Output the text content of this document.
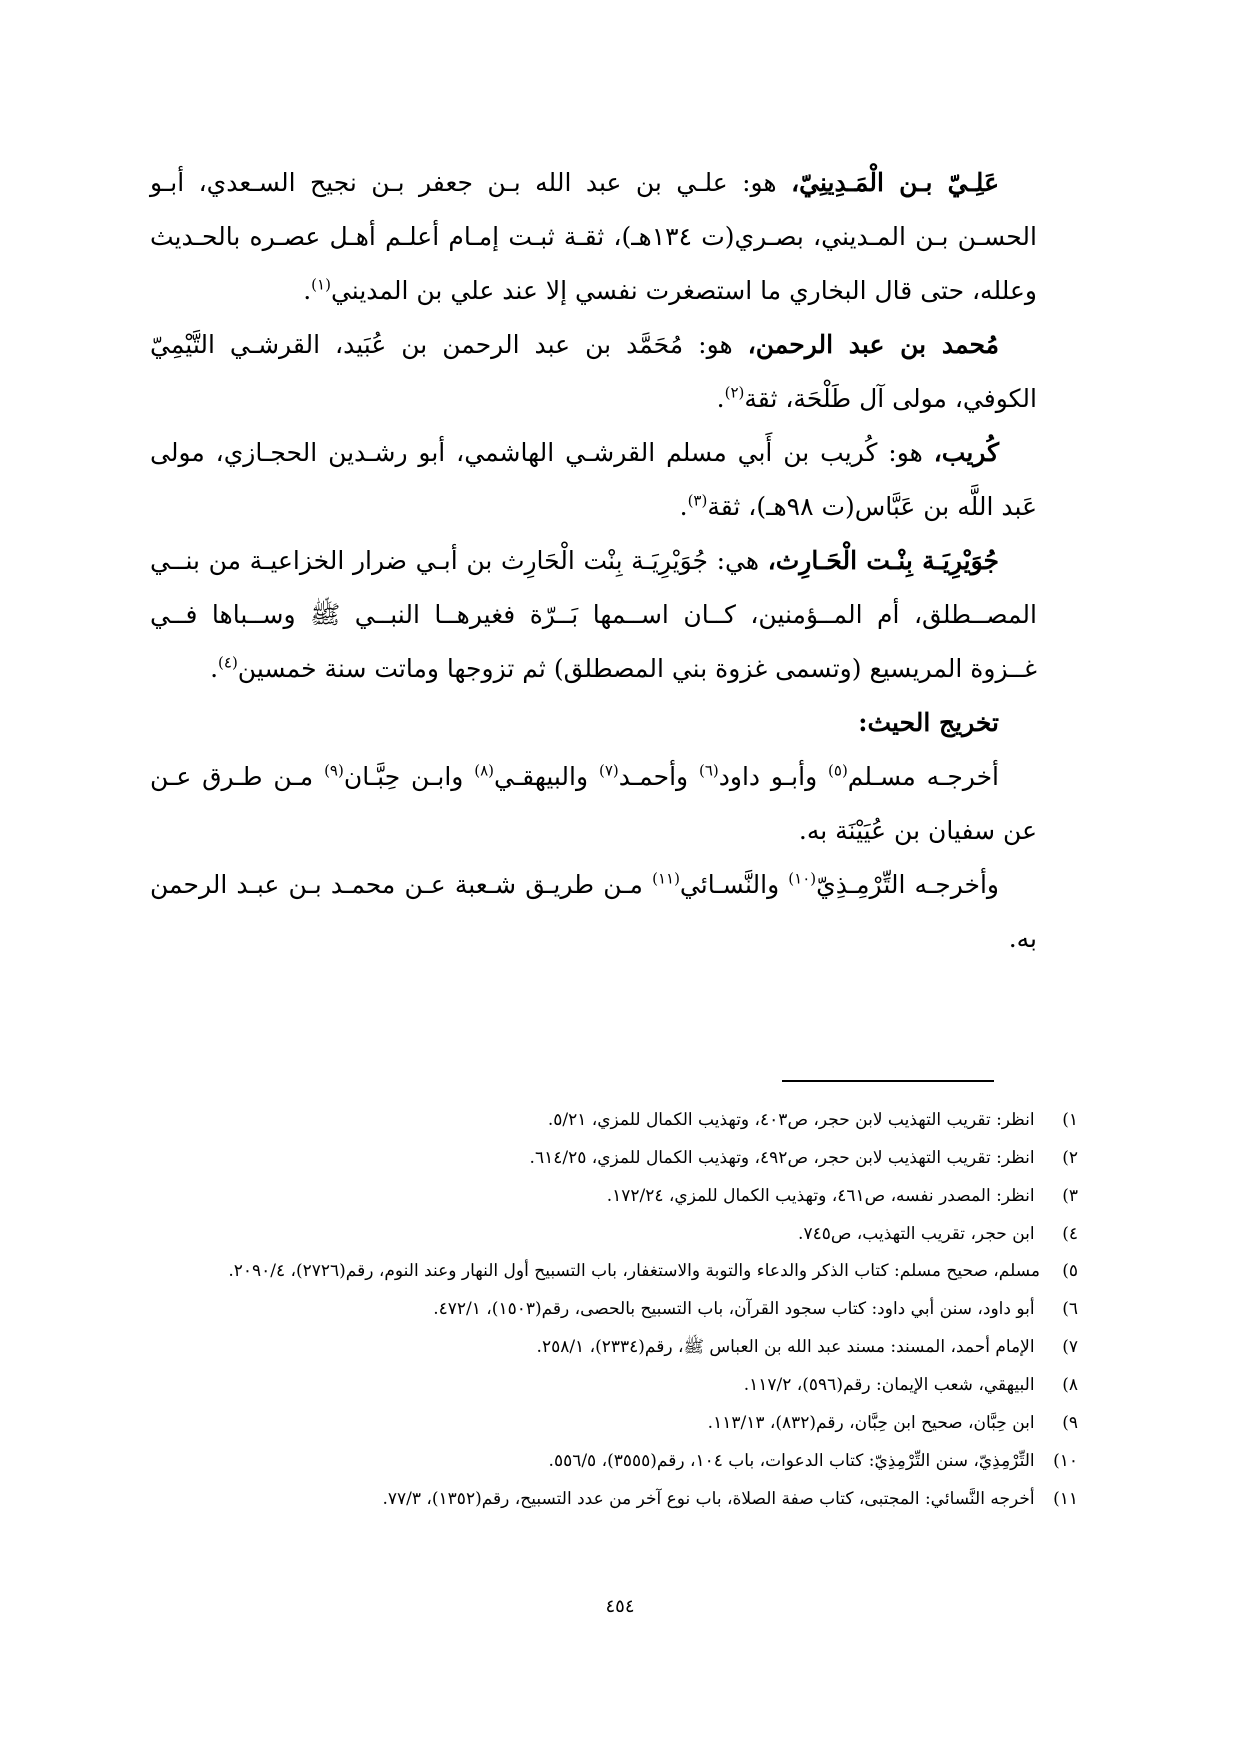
عَلِـيّ بـن الْمَـدِينِيّ، هو: علـي بن عبد الله بـن جعفر بـن نجيح السـعدي، أبـو الحسـن بـن المـديني، بصـري(ت ١٣٤هـ)، ثقـة ثبـت إمـام أعلـم أهـل عصـره بالحـديث وعلله، حتى قال البخاري ما استصغرت نفسي إلا عند علي بن المديني$^{(١)}$.

مُحمد بن عبد الرحمن، هو: مُحَمَّد بن عبد الرحمن بن عُبَيد، القرشـي التَّيْمِيّ الكوفي، مولى آل طَلْحَة، ثقة$^{(٢)}$.

كُريب، هو: كُريب بن أَبي مسلم القرشـي الهاشمي، أبو رشـدين الحجـازي، مولى عَبد اللَّه بن عَبَّاس(ت ٩٨هـ)، ثقة$^{(٣)}$.

جُوَيْرِيَـة بِنْـت الْحَـارِث، هي: جُوَيْرِيَـة بِنْت الْحَارِث بن أبـي ضرار الخزاعيـة من بنــي المصــطلق، أم المــؤمنين، كــان اســمها بَــرّة فغيرهــا النبــي ﷺ وســباها فــي غــزوة المريسيع (وتسمى غزوة بني المصطلق) ثم تزوجها وماتت سنة خمسين$^{(٤)}$.

تخريج الحيث:

أخرجـه مسـلم$^{(٥)}$ وأبـو داود$^{(٦)}$ وأحمـد$^{(٧)}$ والبيهقـي$^{(٨)}$ وابـن حِبَّـان$^{(٩)}$ مـن طـرق عـن عن سفيان بن عُيَيْنَة به.

وأخرجـه التِّرْمِـذِيّ$^{(١٠)}$ والنَّسـائي$^{(١١)}$ مـن طريـق شـعبة عـن محمـد بـن عبـد الرحمن به.

١) انظر: تقريب التهذيب لابن حجر، ص٤٠٣، وتهذيب الكمال للمزي، ٥/٢١.

٢) انظر: تقريب التهذيب لابن حجر، ص٤٩٢، وتهذيب الكمال للمزي، ٦١٤/٢٥.

٣) انظر: المصدر نفسه، ص٤٦١، وتهذيب الكمال للمزي، ١٧٢/٢٤.

٤) ابن حجر، تقريب التهذيب، ص٧٤٥.

٥)مسلم، صحيح مسلم: كتاب الذكر والدعاء والتوبة والاستغفار، باب التسبيح أول النهار وعند النوم، رقم(٢٧٢٦)، ٢٠٩٠/٤.

٦) أبو داود، سنن أبي داود: كتاب سجود القرآن، باب التسبيح بالحصى، رقم(١٥٠٣)، ٤٧٢/١.

٧) الإمام أحمد، المسند: مسند عبد الله بن العباس ﷺ، رقم(٢٣٣٤)، ٢٥٨/١.

٨) البيهقي، شعب الإيمان: رقم(٥٩٦)، ١١٧/٢.

٩) ابن حِبَّان، صحيح ابن حِبَّان، رقم(٨٣٢)، ١١٣/١٣.

١٠) التِّرْمِذِيّ، سنن التِّرْمِذِيّ: كتاب الدعوات، باب ١٠٤، رقم(٣٥٥٥)، ٥٥٦/٥.

١١) أخرجه النَّسائي: المجتبى، كتاب صفة الصلاة، باب نوع آخر من عدد التسبيح، رقم(١٣٥٢)، ٧٧/٣.

٤٥٤
